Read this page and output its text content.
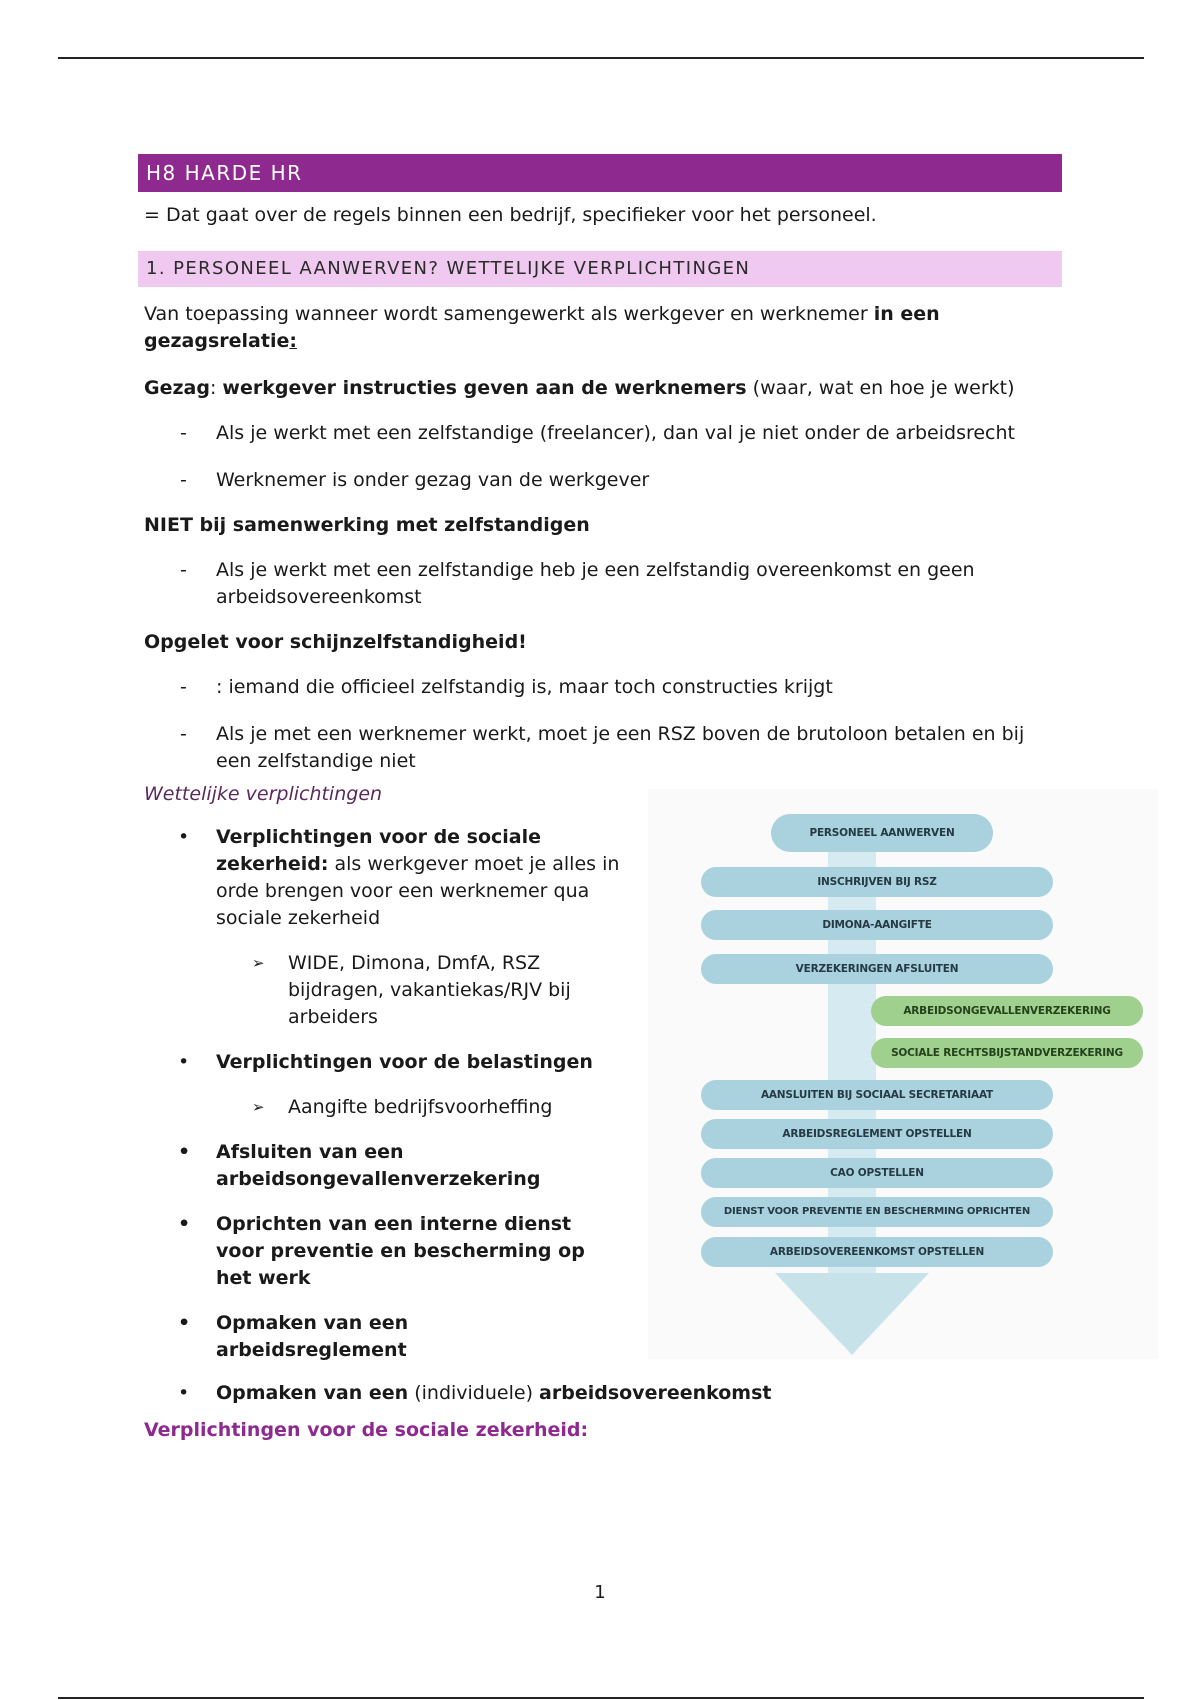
H8 HARDE HR

= Dat gaat over de regels binnen een bedrijf, specifieker voor het personeel.

1. PERSONEEL AANWERVEN? WETTELIJKE VERPLICHTINGEN

Van toepassing wanneer wordt samengewerkt als werkgever en werknemer in een gezagsrelatie:

Gezag: werkgever instructies geven aan de werknemers (waar, wat en hoe je werkt)

- Als je werkt met een zelfstandige (freelancer), dan val je niet onder de arbeidsrecht
- Werknemer is onder gezag van de werkgever

NIET bij samenwerking met zelfstandigen

- Als je werkt met een zelfstandige heb je een zelfstandig overeenkomst en geen arbeidsovereenkomst

Opgelet voor schijnzelfstandigheid!

- : iemand die officieel zelfstandig is, maar toch constructies krijgt
- Als je met een werknemer werkt, moet je een RSZ boven de brutoloon betalen en bij een zelfstandige niet

Wettelijke verplichtingen

• Verplichtingen voor de sociale zekerheid: als werkgever moet je alles in orde brengen voor een werknemer qua sociale zekerheid
➢ WIDE, Dimona, DmfA, RSZ bijdragen, vakantiekas/RJV bij arbeiders
• Verplichtingen voor de belastingen
➢ Aangifte bedrijfsvoorheffing
• Afsluiten van een arbeidsongevallenverzekering
• Oprichten van een interne dienst voor preventie en bescherming op het werk
• Opmaken van een arbeidsreglement
• Opmaken van een (individuele) arbeidsovereenkomst

Verplichtingen voor de sociale zekerheid:

PERSONEEL AANWERVEN
INSCHRIJVEN BIJ RSZ
DIMONA-AANGIFTE
VERZEKERINGEN AFSLUITEN
ARBEIDSONGEVALLENVERZEKERING
SOCIALE RECHTSBIJSTANDVERZEKERING
AANSLUITEN BIJ SOCIAAL SECRETARIAAT
ARBEIDSREGLEMENT OPSTELLEN
CAO OPSTELLEN
DIENST VOOR PREVENTIE EN BESCHERMING OPRICHTEN
ARBEIDSOVEREENKOMST OPSTELLEN
1
